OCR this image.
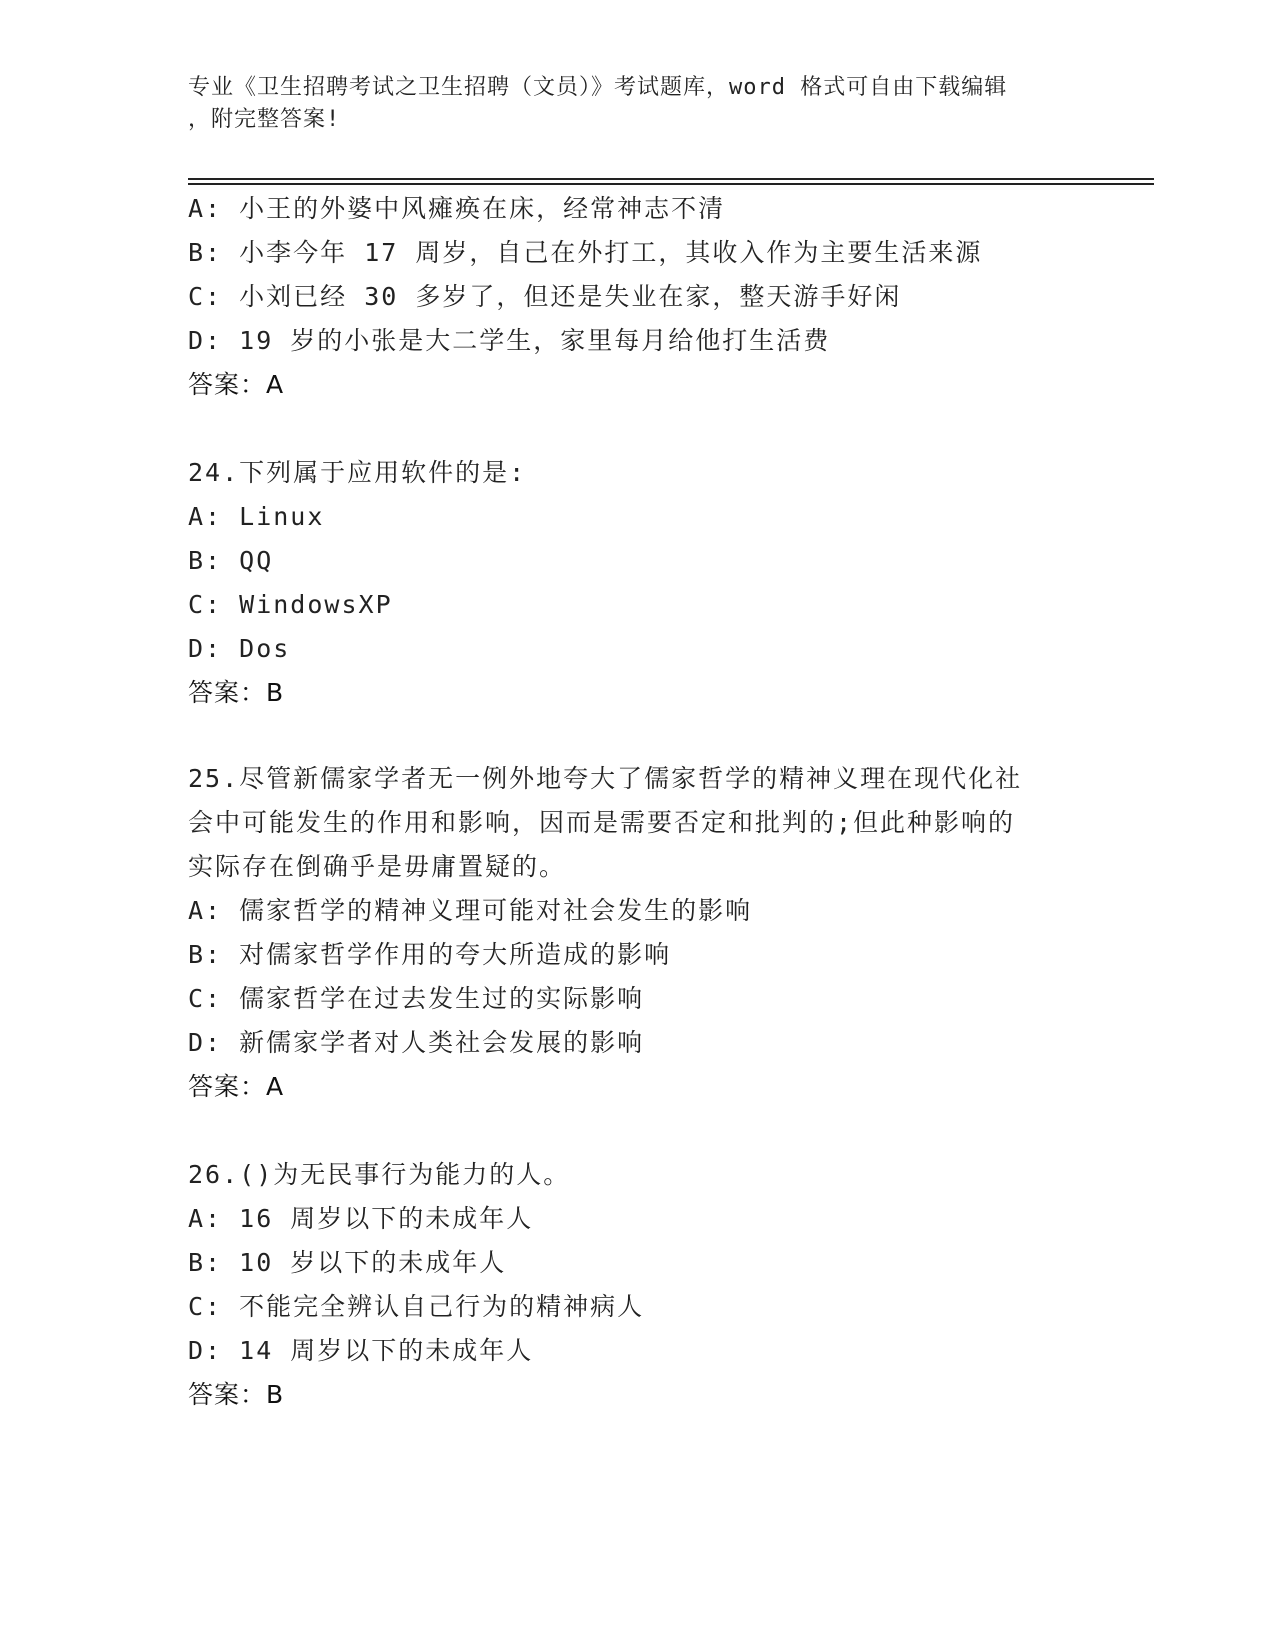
专业《卫生招聘考试之卫生招聘（文员）》考试题库，word 格式可自由下载编辑
，附完整答案!
A: 小王的外婆中风瘫痪在床，经常神志不清
B: 小李今年 17 周岁，自己在外打工，其收入作为主要生活来源
C: 小刘已经 30 多岁了，但还是失业在家，整天游手好闲
D: 19 岁的小张是大二学生，家里每月给他打生活费
答案：A
24.下列属于应用软件的是:
A: Linux
B: QQ
C: WindowsXP
D: Dos
答案：B
25.尽管新儒家学者无一例外地夸大了儒家哲学的精神义理在现代化社
会中可能发生的作用和影响，因而是需要否定和批判的;但此种影响的
实际存在倒确乎是毋庸置疑的。
A: 儒家哲学的精神义理可能对社会发生的影响
B: 对儒家哲学作用的夸大所造成的影响
C: 儒家哲学在过去发生过的实际影响
D: 新儒家学者对人类社会发展的影响
答案：A
26.()为无民事行为能力的人。
A: 16 周岁以下的未成年人
B: 10 岁以下的未成年人
C: 不能完全辨认自己行为的精神病人
D: 14 周岁以下的未成年人
答案：B
